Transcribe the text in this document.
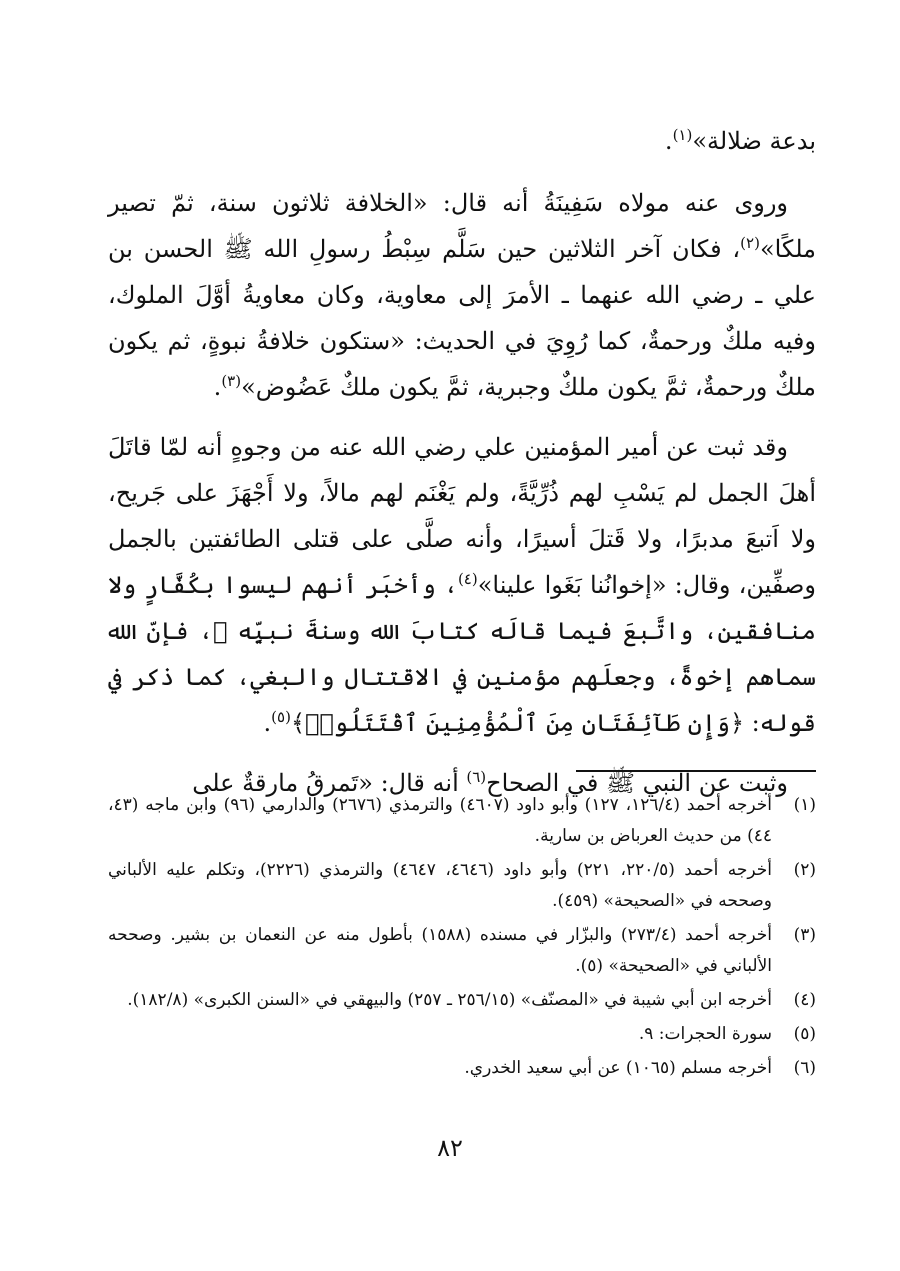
بدعة ضلالة»$^{(١)}$.

وروى عنه مولاه سَفِينَةُ أنه قال: «الخلافة ثلاثون سنة، ثمّ تصير ملكًا»$^{(٢)}$، فكان آخر الثلاثين حين سَلَّم سِبْطُ رسولِ الله ﷺ الحسن بن علي ـ رضي الله عنهما ـ الأمرَ إلى معاوية، وكان معاويةُ أوَّلَ الملوك، وفيه ملكٌ ورحمةٌ، كما رُوِيَ في الحديث: «ستكون خلافةُ نبوةٍ، ثم يكون ملكٌ ورحمةٌ، ثمَّ يكون ملكٌ وجبرية، ثمَّ يكون ملكٌ عَضُوض»$^{(٣)}$.

وقد ثبت عن أمير المؤمنين علي رضي الله عنه من وجوهٍ أنه لمّا قاتَلَ أهلَ الجمل لم يَسْبِ لهم ذُرِّيَّةً، ولم يَغْنَم لهم مالاً، ولا أَجْهَزَ على جَريح، ولا اَتبعَ مدبرًا، ولا قَتلَ أسيرًا، وأنه صلَّى على قتلى الطائفتين بالجمل وصفِّين، وقال: «إخوانُنا بَغَوا علينا»$^{(٤)}$، وأخبَر أنهم ليسوا بكُفَّارٍ ولا منافقين، واتَّبعَ فيما قالَه كتابَ الله وسنةَ نبيِّه ﷺ، فإنّ الله سماهم إخوةً، وجعلَهم مؤمنين في الاقتتال والبغي، كما ذكر في قوله: ﴿وَإِن طَآئِفَتَانِ مِنَ ٱلْمُؤْمِنِينَ ٱقْتَتَلُوا۟﴾$^{(٥)}$.

وثبت عن النبي ﷺ في الصحاح$^{(٦)}$ أنه قال: «تَمرقُ مارقةٌ على

(١)
أخرجه أحمد (١٢٦/٤، ١٢٧) وأبو داود (٤٦٠٧) والترمذي (٢٦٧٦) والدارمي (٩٦) وابن ماجه (٤٣، ٤٤) من حديث العرباض بن سارية.
(٢)
أخرجه أحمد (٢٢٠/٥، ٢٢١) وأبو داود (٤٦٤٦، ٤٦٤٧) والترمذي (٢٢٢٦)، وتكلم عليه الألباني وصححه في «الصحيحة» (٤٥٩).
(٣)
أخرجه أحمد (٢٧٣/٤) والبزّار في مسنده (١٥٨٨) بأطول منه عن النعمان بن بشير. وصححه الألباني في «الصحيحة» (٥).
(٤)
أخرجه ابن أبي شيبة في «المصنّف» (٢٥٦/١٥ ـ ٢٥٧) والبيهقي في «السنن الكبرى» (١٨٢/٨).
(٥)
سورة الحجرات: ٩.
(٦)
أخرجه مسلم (١٠٦٥) عن أبي سعيد الخدري.
٨٢
